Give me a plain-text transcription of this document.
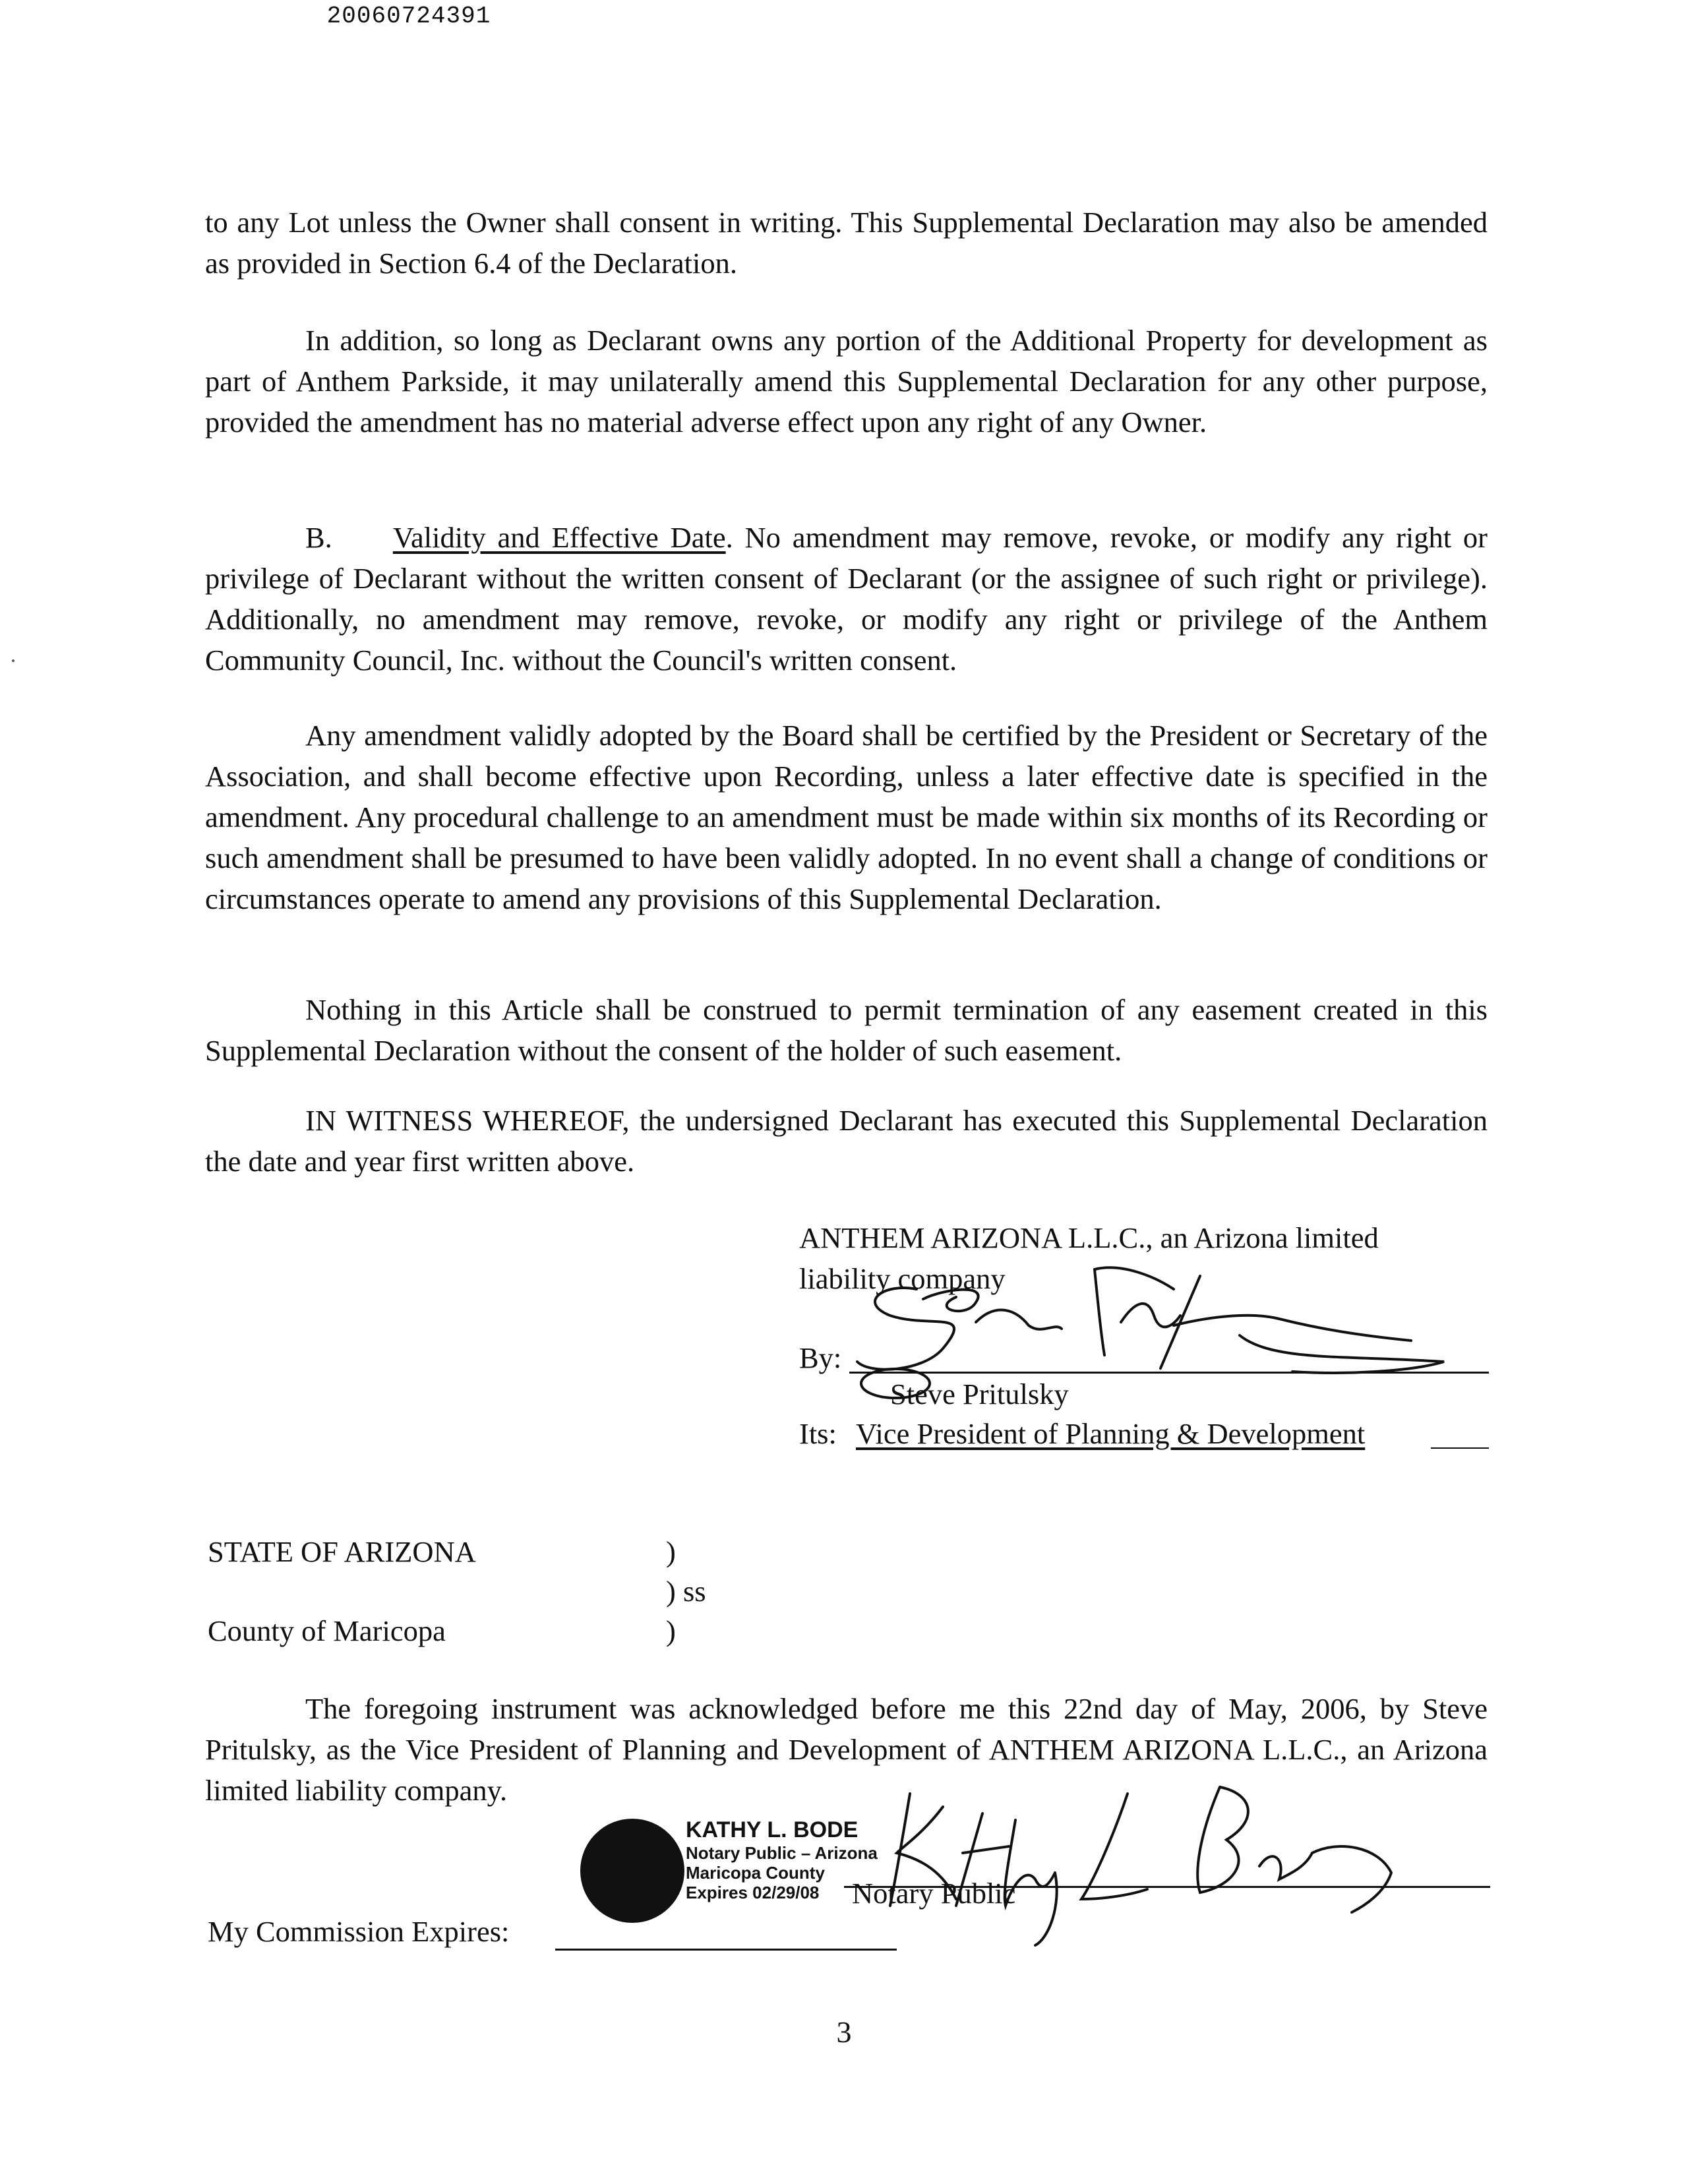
20060724391

to any Lot unless the Owner shall consent in writing. This Supplemental Declaration may also be amended as provided in Section 6.4 of the Declaration.

In addition, so long as Declarant owns any portion of the Additional Property for development as part of Anthem Parkside, it may unilaterally amend this Supplemental Declaration for any other purpose, provided the amendment has no material adverse effect upon any right of any Owner.

B. Validity and Effective Date. No amendment may remove, revoke, or modify any right or privilege of Declarant without the written consent of Declarant (or the assignee of such right or privilege). Additionally, no amendment may remove, revoke, or modify any right or privilege of the Anthem Community Council, Inc. without the Council's written consent.

Any amendment validly adopted by the Board shall be certified by the President or Secretary of the Association, and shall become effective upon Recording, unless a later effective date is specified in the amendment. Any procedural challenge to an amendment must be made within six months of its Recording or such amendment shall be presumed to have been validly adopted. In no event shall a change of conditions or circumstances operate to amend any provisions of this Supplemental Declaration.

Nothing in this Article shall be construed to permit termination of any easement created in this Supplemental Declaration without the consent of the holder of such easement.

IN WITNESS WHEREOF, the undersigned Declarant has executed this Supplemental Declaration the date and year first written above.

ANTHEM ARIZONA L.L.C., an Arizona limited
liability company
By:
Steve Pritulsky
Its: Vice President of Planning & Development
STATE OF ARIZONA	)
) ss
County of Maricopa	)

The foregoing instrument was acknowledged before me this 22nd day of May, 2006, by Steve Pritulsky, as the Vice President of Planning and Development of ANTHEM ARIZONA L.L.C., an Arizona limited liability company.

KATHY L. BODE
Notary Public – Arizona
Maricopa County
Expires 02/29/08	Notary Public
My Commission Expires:
3
